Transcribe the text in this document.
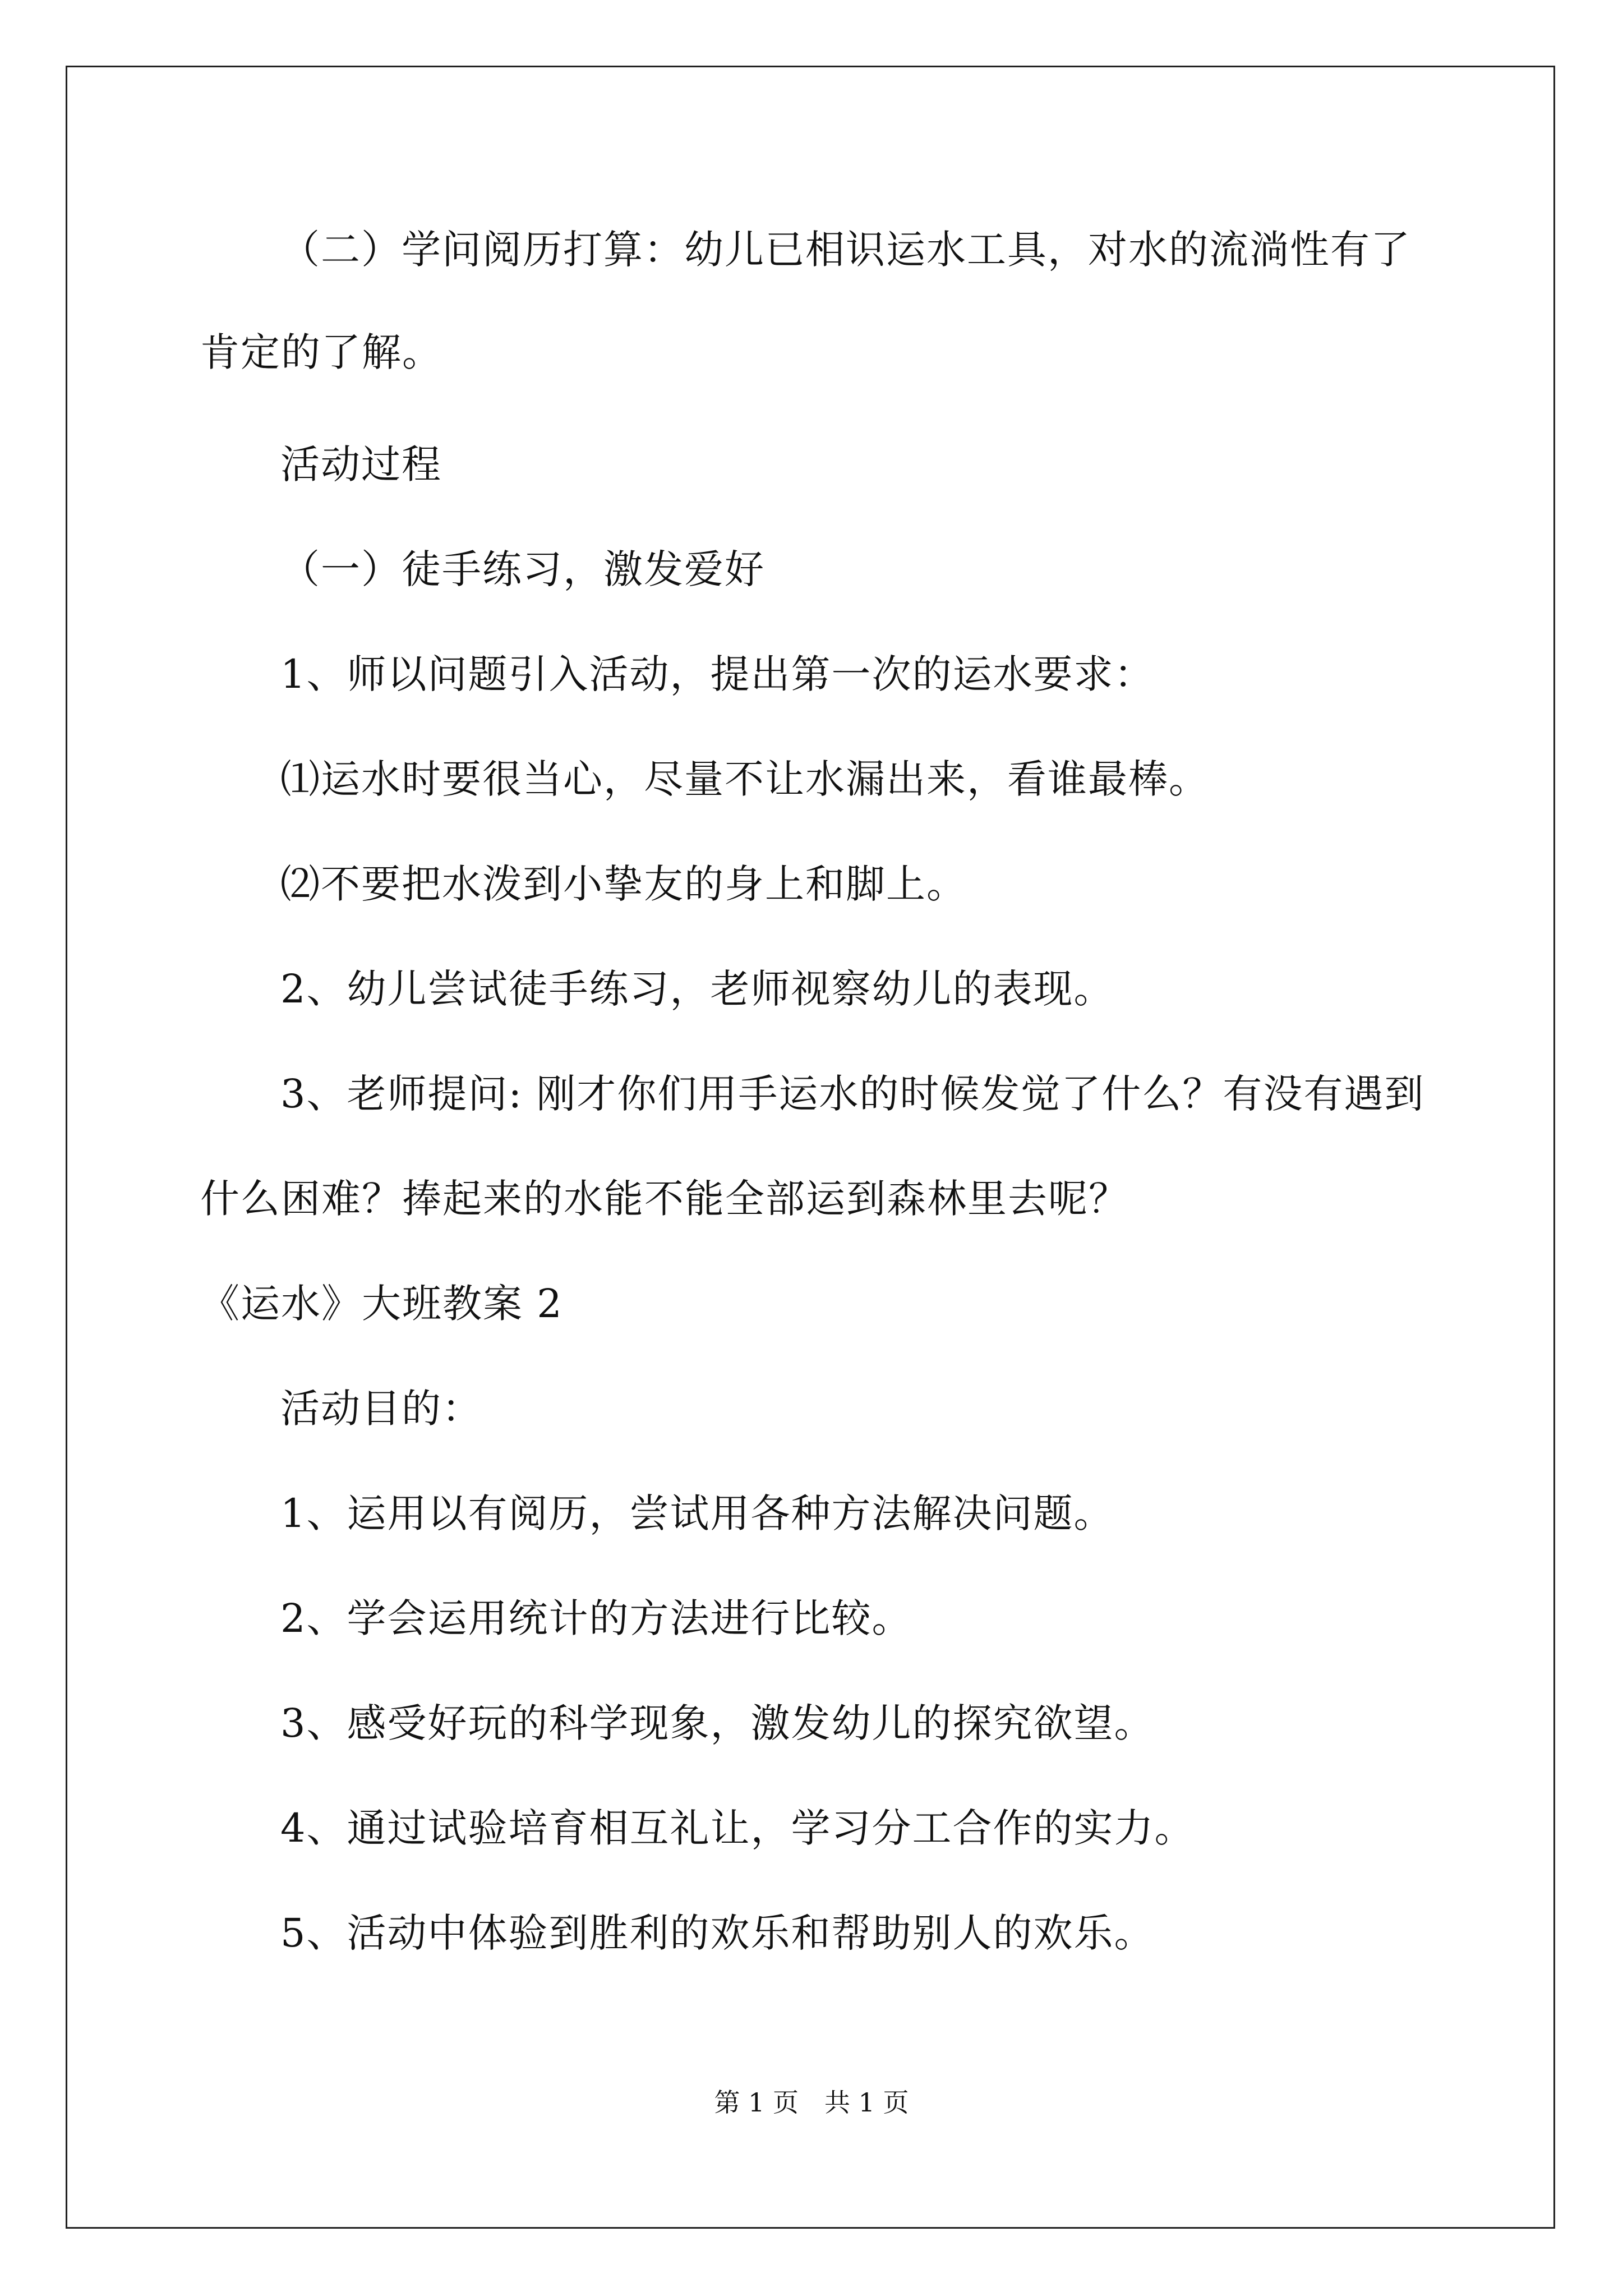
（二）学问阅历打算：幼儿已相识运水工具，对水的流淌性有了
肯定的了解。
活动过程
（一）徒手练习，激发爱好
1、师以问题引入活动，提出第一次的运水要求：
⑴运水时要很当心，尽量不让水漏出来，看谁最棒。
⑵不要把水泼到小挚友的身上和脚上。
2、幼儿尝试徒手练习，老师视察幼儿的表现。
3、老师提问: 刚才你们用手运水的时候发觉了什么？有没有遇到
什么困难？捧起来的水能不能全部运到森林里去呢？
《运水》大班教案 2
活动目的：
1、运用以有阅历，尝试用各种方法解决问题。
2、学会运用统计的方法进行比较。
3、感受好玩的科学现象，激发幼儿的探究欲望。
4、通过试验培育相互礼让，学习分工合作的实力。
5、活动中体验到胜利的欢乐和帮助别人的欢乐。
第 1 页 共 1 页
